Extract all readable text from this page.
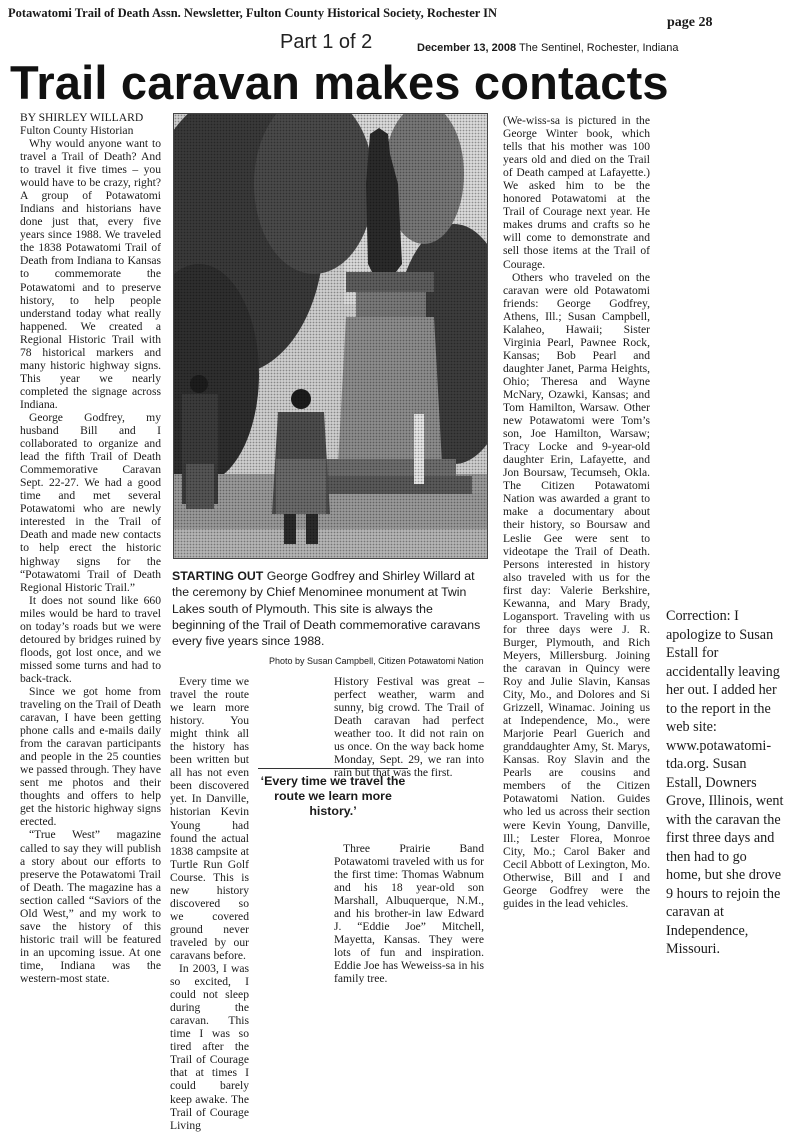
Potawatomi Trail of Death Assn. Newsletter, Fulton County Historical Society, Rochester IN
page 28
Part 1 of 2	December 13, 2008 The Sentinel, Rochester, Indiana
Trail caravan makes contacts
BY SHIRLEY WILLARD
Fulton County Historian

Why would anyone want to travel a Trail of Death? And to travel it five times – you would have to be crazy, right? A group of Potawatomi Indians and historians have done just that, every five years since 1988. We traveled the 1838 Potawatomi Trail of Death from Indiana to Kansas to commemorate the Potawatomi and to preserve history, to help people understand today what really happened. We created a Regional Historic Trail with 78 historical markers and many historic highway signs. This year we nearly completed the signage across Indiana.

George Godfrey, my husband Bill and I collaborated to organize and lead the fifth Trail of Death Commemorative Caravan Sept. 22-27. We had a good time and met several Potawatomi who are newly interested in the Trail of Death and made new contacts to help erect the historic highway signs for the “Potawatomi Trail of Death Regional Historic Trail.”

It does not sound like 660 miles would be hard to travel on today’s roads but we were detoured by bridges ruined by floods, got lost once, and we missed some turns and had to back-track.

Since we got home from traveling on the Trail of Death caravan, I have been getting phone calls and e-mails daily from the caravan participants and people in the 25 counties we passed through. They have sent me photos and their thoughts and offers to help get the historic highway signs erected.

“True West” magazine called to say they will publish a story about our efforts to preserve the Potawatomi Trail of Death. The magazine has a section called “Saviors of the Old West,” and my work to save the history of this historic trail will be featured in an upcoming issue. At one time, Indiana was the western-most state.

STARTING OUT George Godfrey and Shirley Willard at the ceremony by Chief Menominee monument at Twin Lakes south of Plymouth. This site is always the beginning of the Trail of Death commemorative caravans every five years since 1988.
Photo by Susan Campbell, Citizen Potawatomi Nation

Every time we travel the route we learn more history. You might think all the history has been written but all has not even been discovered yet. In Danville, historian Kevin Young had found the actual 1838 campsite at Turtle Run Golf Course. This is new history discovered so we covered ground never traveled by our caravans before.

In 2003, I was so excited, I could not sleep during the caravan. This time I was so tired after the Trail of Courage that at times I could barely keep awake. The Trail of Courage Living

‘Every time we travel the route we learn more history.’

History Festival was great – perfect weather, warm and sunny, big crowd. The Trail of Death caravan had perfect weather too. It did not rain on us once. On the way back home Monday, Sept. 29, we ran into rain but that was the first.

Three Prairie Band Potawatomi traveled with us for the first time: Thomas Wabnum and his 18 year-old son Marshall, Albuquerque, N.M., and his brother-in law Edward J. “Eddie Joe” Mitchell, Mayetta, Kansas. They were lots of fun and inspiration. Eddie Joe has Weweiss-sa in his family tree.

(We-wiss-sa is pictured in the George Winter book, which tells that his mother was 100 years old and died on the Trail of Death camped at Lafayette.) We asked him to be the honored Potawatomi at the Trail of Courage next year. He makes drums and crafts so he will come to demonstrate and sell those items at the Trail of Courage.

Others who traveled on the caravan were old Potawatomi friends: George Godfrey, Athens, Ill.; Susan Campbell, Kalaheo, Hawaii; Sister Virginia Pearl, Pawnee Rock, Kansas; Bob Pearl and daughter Janet, Parma Heights, Ohio; Theresa and Wayne McNary, Ozawki, Kansas; and Tom Hamilton, Warsaw. Other new Potawatomi were Tom’s son, Joe Hamilton, Warsaw; Tracy Locke and 9-year-old daughter Erin, Lafayette, and Jon Boursaw, Tecumseh, Okla. The Citizen Potawatomi Nation was awarded a grant to make a documentary about their history, so Boursaw and Leslie Gee were sent to videotape the Trail of Death. Persons interested in history also traveled with us for the first day: Valerie Berkshire, Kewanna, and Mary Brady, Logansport. Traveling with us for three days were J. R. Burger, Plymouth, and Rich Meyers, Millersburg. Joining the caravan in Quincy were Roy and Julie Slavin, Kansas City, Mo., and Dolores and Si Grizzell, Winamac. Joining us at Independence, Mo., were Marjorie Pearl Guerich and granddaughter Amy, St. Marys, Kansas. Roy Slavin and the Pearls are cousins and members of the Citizen Potawatomi Nation. Guides who led us across their section were Kevin Young, Danville, Ill.; Lester Florea, Monroe City, Mo.; Carol Baker and Cecil Abbott of Lexington, Mo. Otherwise, Bill and I and George Godfrey were the guides in the lead vehicles.

Correction: I apologize to Susan Estall for accidentally leaving her out. I added her to the report in the web site: www.potawatomi-tda.org. Susan Estall, Downers Grove, Illinois, went with the caravan the first three days and then had to go home, but she drove 9 hours to rejoin the caravan at Independence, Missouri.
